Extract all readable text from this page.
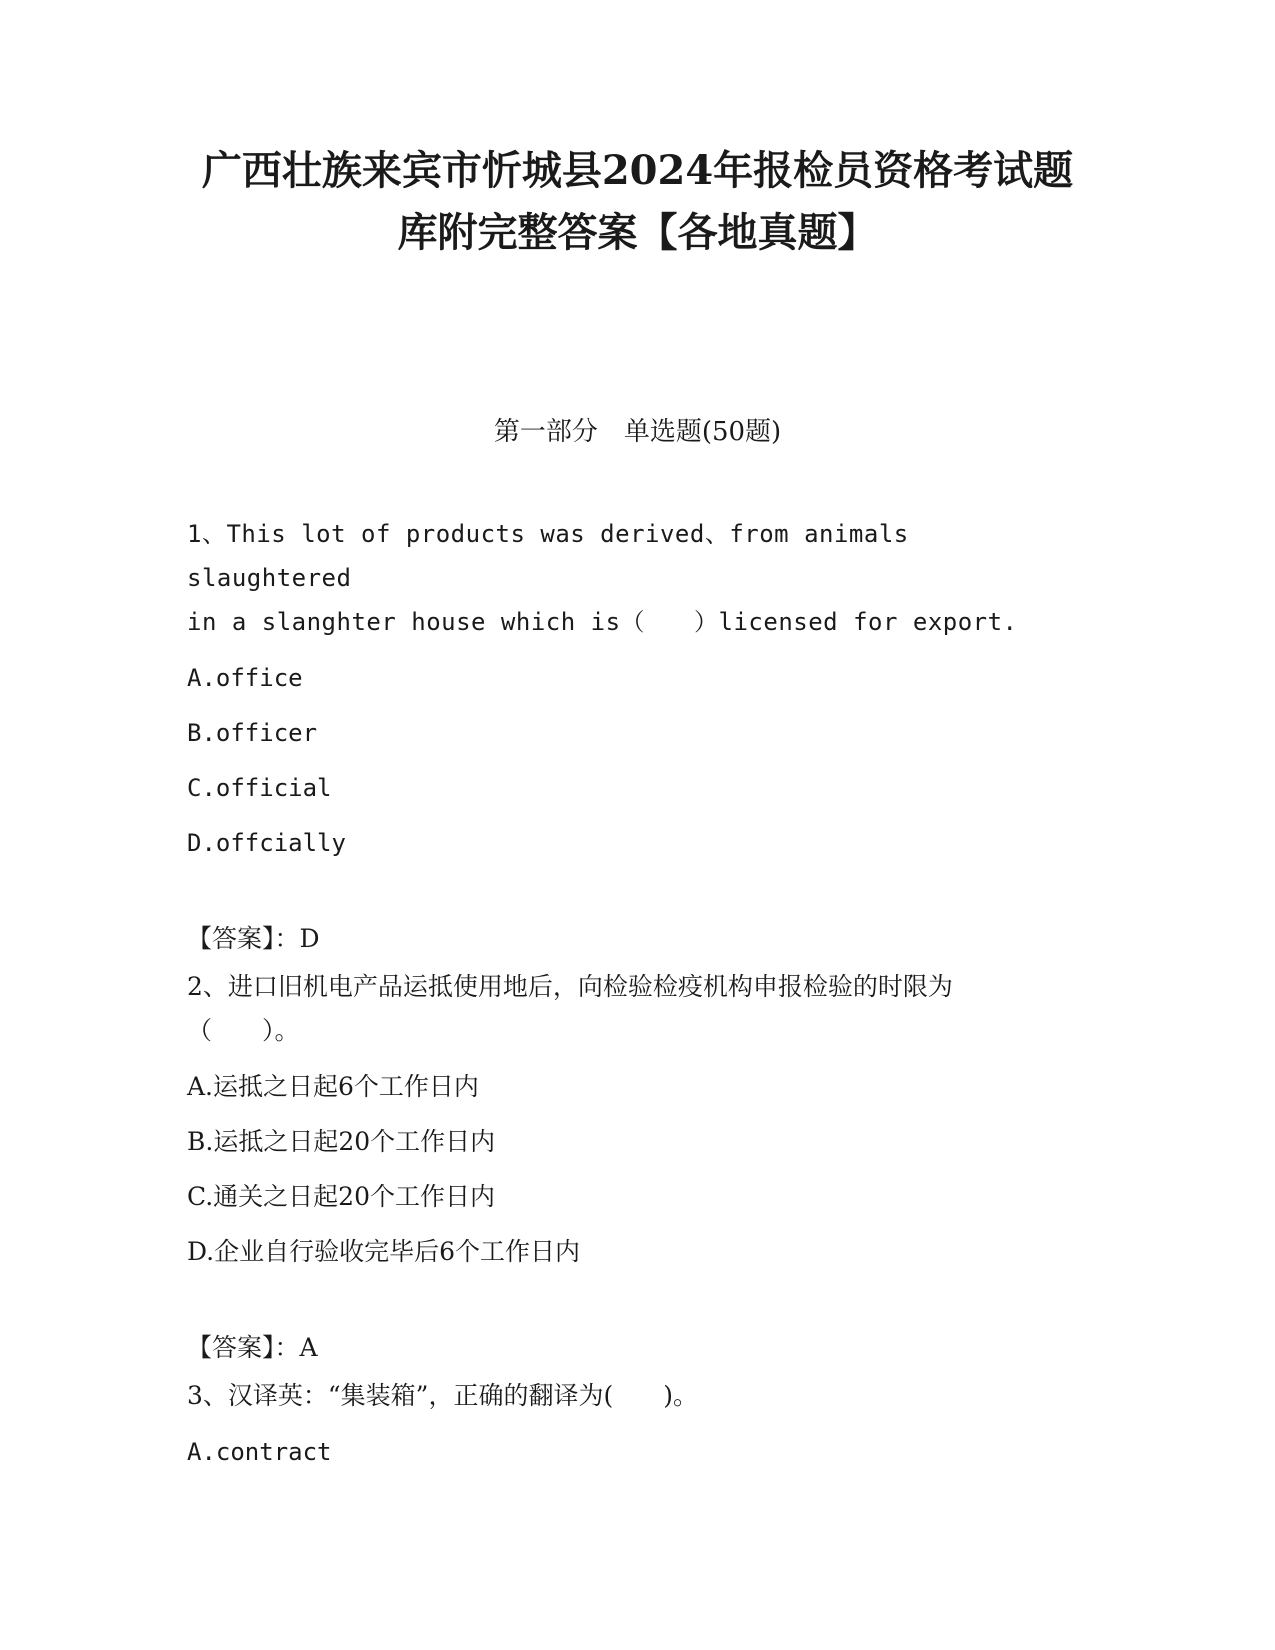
广西壮族来宾市忻城县2024年报检员资格考试题
库附完整答案【各地真题】
第一部分　单选题(50题)
1、This lot of products was derived、from animals slaughtered
in a slanghter house which is（　　）licensed for export.
A.office
B.officer
C.official
D.offcially
【答案】：D
2、进口旧机电产品运抵使用地后，向检验检疫机构申报检验的时限为
（　　）。
A.运抵之日起6个工作日内
B.运抵之日起20个工作日内
C.通关之日起20个工作日内
D.企业自行验收完毕后6个工作日内
【答案】：A
3、汉译英：“集装箱”，正确的翻译为(　　)。
A.contract
